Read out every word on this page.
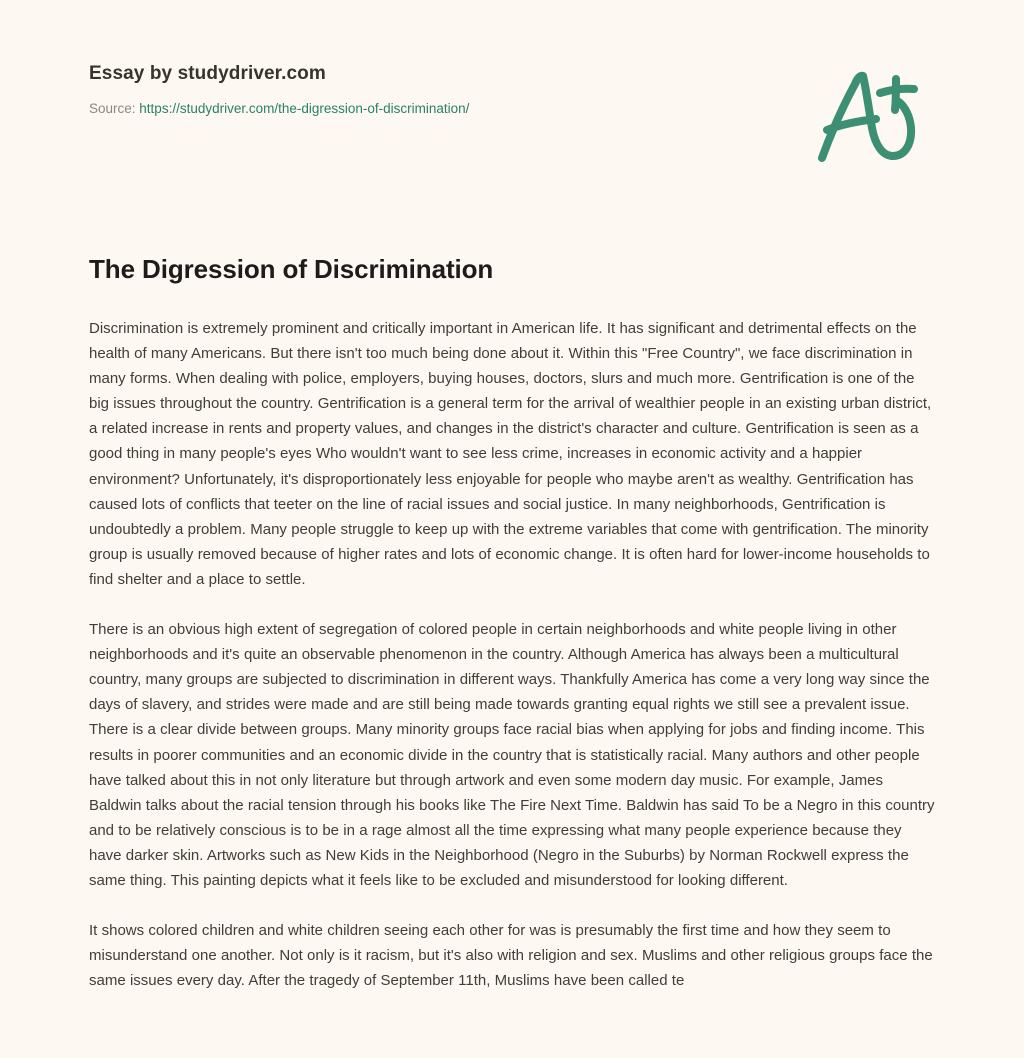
Essay by studydriver.com
Source: https://studydriver.com/the-digression-of-discrimination/
The Digression of Discrimination

Discrimination is extremely prominent and critically important in American life. It has significant and detrimental effects on the health of many Americans. But there isn't too much being done about it. Within this "Free Country", we face discrimination in many forms. When dealing with police, employers, buying houses, doctors, slurs and much more. Gentrification is one of the big issues throughout the country. Gentrification is a general term for the arrival of wealthier people in an existing urban district, a related increase in rents and property values, and changes in the district's character and culture. Gentrification is seen as a good thing in many people's eyes Who wouldn't want to see less crime, increases in economic activity and a happier environment? Unfortunately, it's disproportionately less enjoyable for people who maybe aren't as wealthy. Gentrification has caused lots of conflicts that teeter on the line of racial issues and social justice. In many neighborhoods, Gentrification is undoubtedly a problem. Many people struggle to keep up with the extreme variables that come with gentrification. The minority group is usually removed because of higher rates and lots of economic change. It is often hard for lower-income households to find shelter and a place to settle.

There is an obvious high extent of segregation of colored people in certain neighborhoods and white people living in other neighborhoods and it's quite an observable phenomenon in the country. Although America has always been a multicultural country, many groups are subjected to discrimination in different ways. Thankfully America has come a very long way since the days of slavery, and strides were made and are still being made towards granting equal rights we still see a prevalent issue. There is a clear divide between groups. Many minority groups face racial bias when applying for jobs and finding income. This results in poorer communities and an economic divide in the country that is statistically racial. Many authors and other people have talked about this in not only literature but through artwork and even some modern day music. For example, James Baldwin talks about the racial tension through his books like The Fire Next Time. Baldwin has said To be a Negro in this country and to be relatively conscious is to be in a rage almost all the time expressing what many people experience because they have darker skin. Artworks such as New Kids in the Neighborhood (Negro in the Suburbs) by Norman Rockwell express the same thing. This painting depicts what it feels like to be excluded and misunderstood for looking different.

It shows colored children and white children seeing each other for was is presumably the first time and how they seem to misunderstand one another. Not only is it racism, but it's also with religion and sex. Muslims and other religious groups face the same issues every day. After the tragedy of September 11th, Muslims have been called te
